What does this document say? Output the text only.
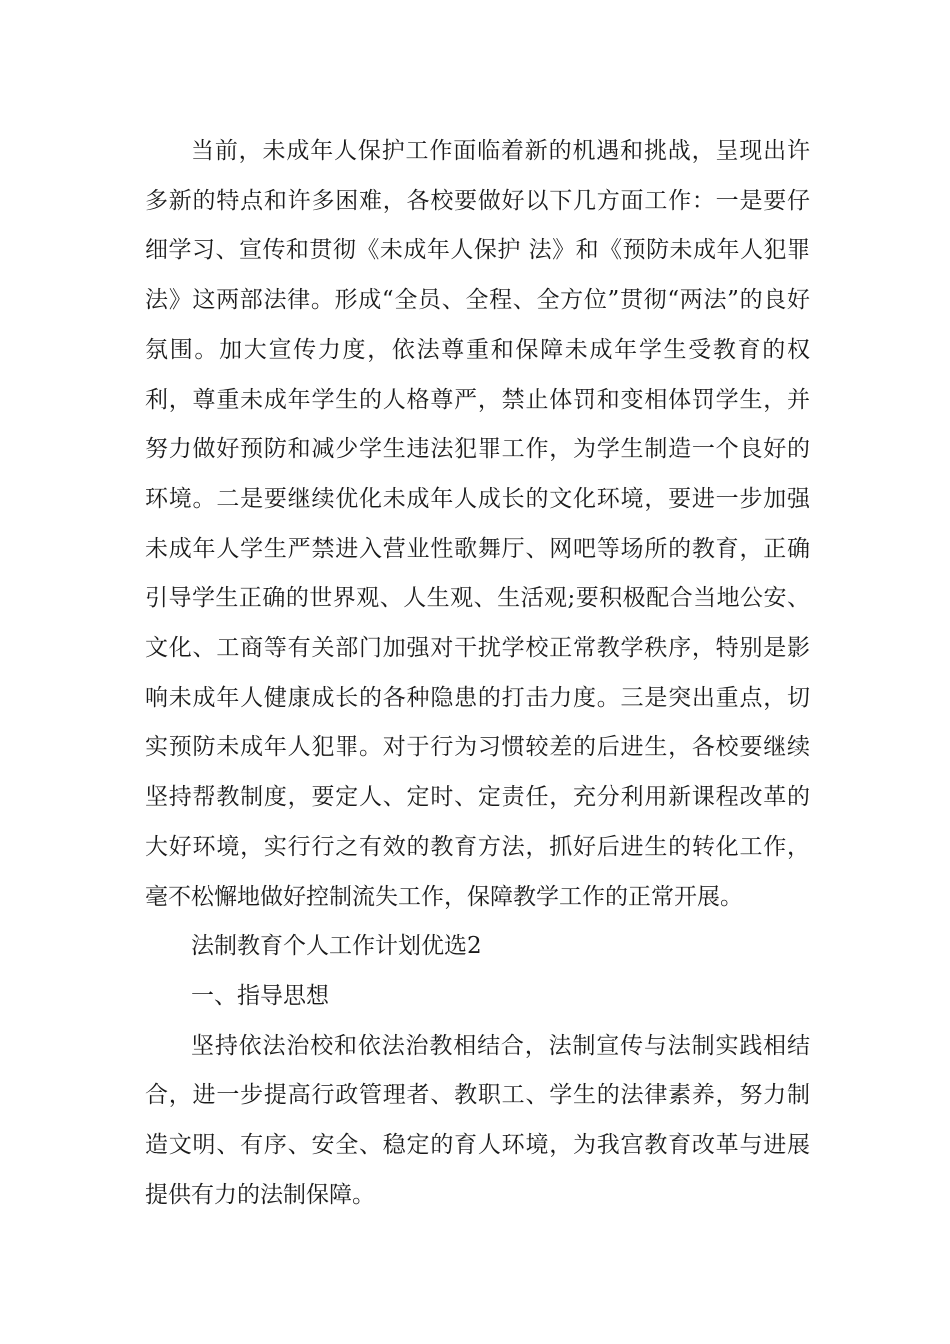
当前，未成年人保护工作面临着新的机遇和挑战，呈现出许多新的特点和许多困难，各校要做好以下几方面工作：一是要仔细学习、宣传和贯彻《未成年人保护 法》和《预防未成年人犯罪法》这两部法律。形成“全员、全程、全方位”贯彻“两法”的良好氛围。加大宣传力度，依法尊重和保障未成年学生受教育的权利，尊重未成年学生的人格尊严，禁止体罚和变相体罚学生，并努力做好预防和减少学生违法犯罪工作，为学生制造一个良好的环境。二是要继续优化未成年人成长的文化环境，要进一步加强未成年人学生严禁进入营业性歌舞厅、网吧等场所的教育，正确引导学生正确的世界观、人生观、生活观;要积极配合当地公安、文化、工商等有关部门加强对干扰学校正常教学秩序，特别是影响未成年人健康成长的各种隐患的打击力度。三是突出重点，切实预防未成年人犯罪。对于行为习惯较差的后进生，各校要继续坚持帮教制度，要定人、定时、定责任，充分利用新课程改革的大好环境，实行行之有效的教育方法，抓好后进生的转化工作，毫不松懈地做好控制流失工作，保障教学工作的正常开展。

法制教育个人工作计划优选2

一、指导思想

坚持依法治校和依法治教相结合，法制宣传与法制实践相结合，进一步提高行政管理者、教职工、学生的法律素养，努力制造文明、有序、安全、稳定的育人环境，为我宫教育改革与进展提供有力的法制保障。
